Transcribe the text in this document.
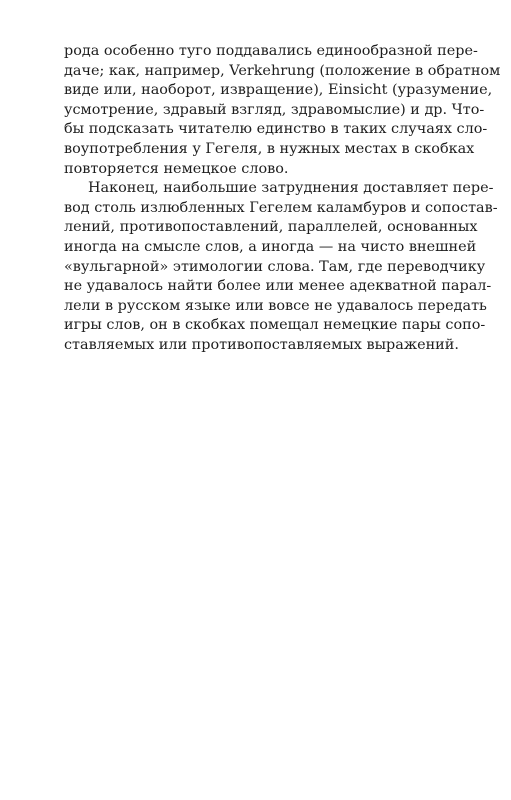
рода особенно туго поддавались единообразной пере-
даче; как, например, Verkehrung (положение в обратном
виде или, наоборот, извращение), Einsicht (уразумение,
усмотрение, здравый взгляд, здравомыслие) и др. Что-
бы подсказать читателю единство в таких случаях сло-
воупотребления у Гегеля, в нужных местах в скобках
повторяется немецкое слово.
Наконец, наибольшие затруднения доставляет пере-
вод столь излюбленных Гегелем каламбуров и сопостав-
лений, противопоставлений, параллелей, основанных
иногда на смысле слов, а иногда — на чисто внешней
«вульгарной» этимологии слова. Там, где переводчику
не удавалось найти более или менее адекватной парал-
лели в русском языке или вовсе не удавалось передать
игры слов, он в скобках помещал немецкие пары сопо-
ставляемых или противопоставляемых выражений.
